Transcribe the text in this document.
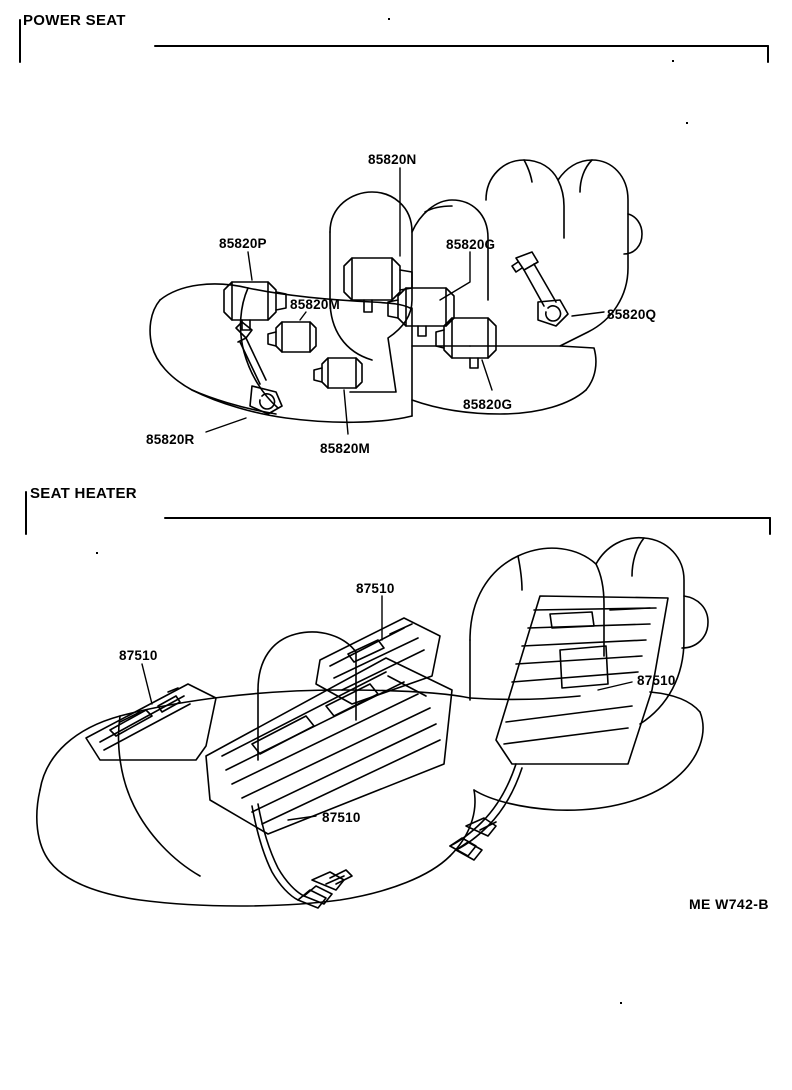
POWER SEAT
SEAT HEATER
85820N
85820P	85820G
85820M
85820Q
85820G
85820R
85820M
87510
87510
87510
87510
ME W742-B
